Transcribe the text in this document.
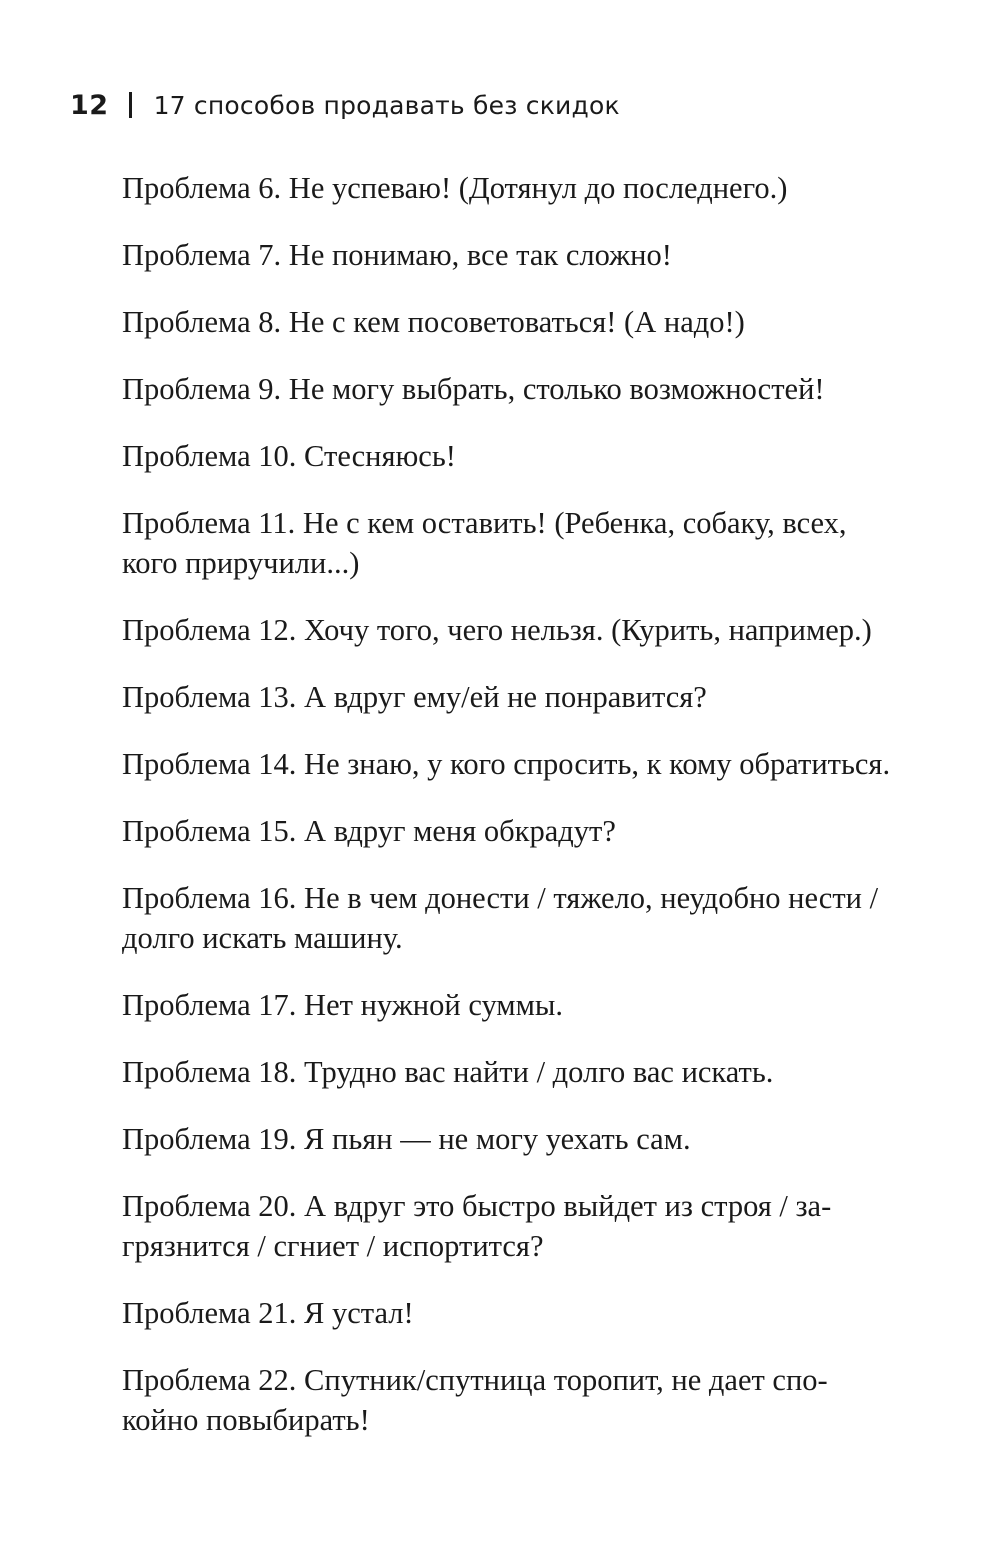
12 17 способов продавать без скидок

Проблема 6. Не успеваю! (Дотянул до последнего.)

Проблема 7. Не понимаю, все так сложно!

Проблема 8. Не с кем посоветоваться! (А надо!)

Проблема 9. Не могу выбрать, столько возможностей!

Проблема 10. Стесняюсь!

Проблема 11. Не с кем оставить! (Ребенка, собаку, всех,
кого приручили...)

Проблема 12. Хочу того, чего нельзя. (Курить, например.)

Проблема 13. А вдруг ему/ей не понравится?

Проблема 14. Не знаю, у кого спросить, к кому обратиться.

Проблема 15. А вдруг меня обкрадут?

Проблема 16. Не в чем донести / тяжело, неудобно нести /
долго искать машину.

Проблема 17. Нет нужной суммы.

Проблема 18. Трудно вас найти / долго вас искать.

Проблема 19. Я пьян — не могу уехать сам.

Проблема 20. А вдруг это быстро выйдет из строя / за-
грязнится / сгниет / испортится?

Проблема 21. Я устал!

Проблема 22. Спутник/спутница торопит, не дает спо-
койно повыбирать!
